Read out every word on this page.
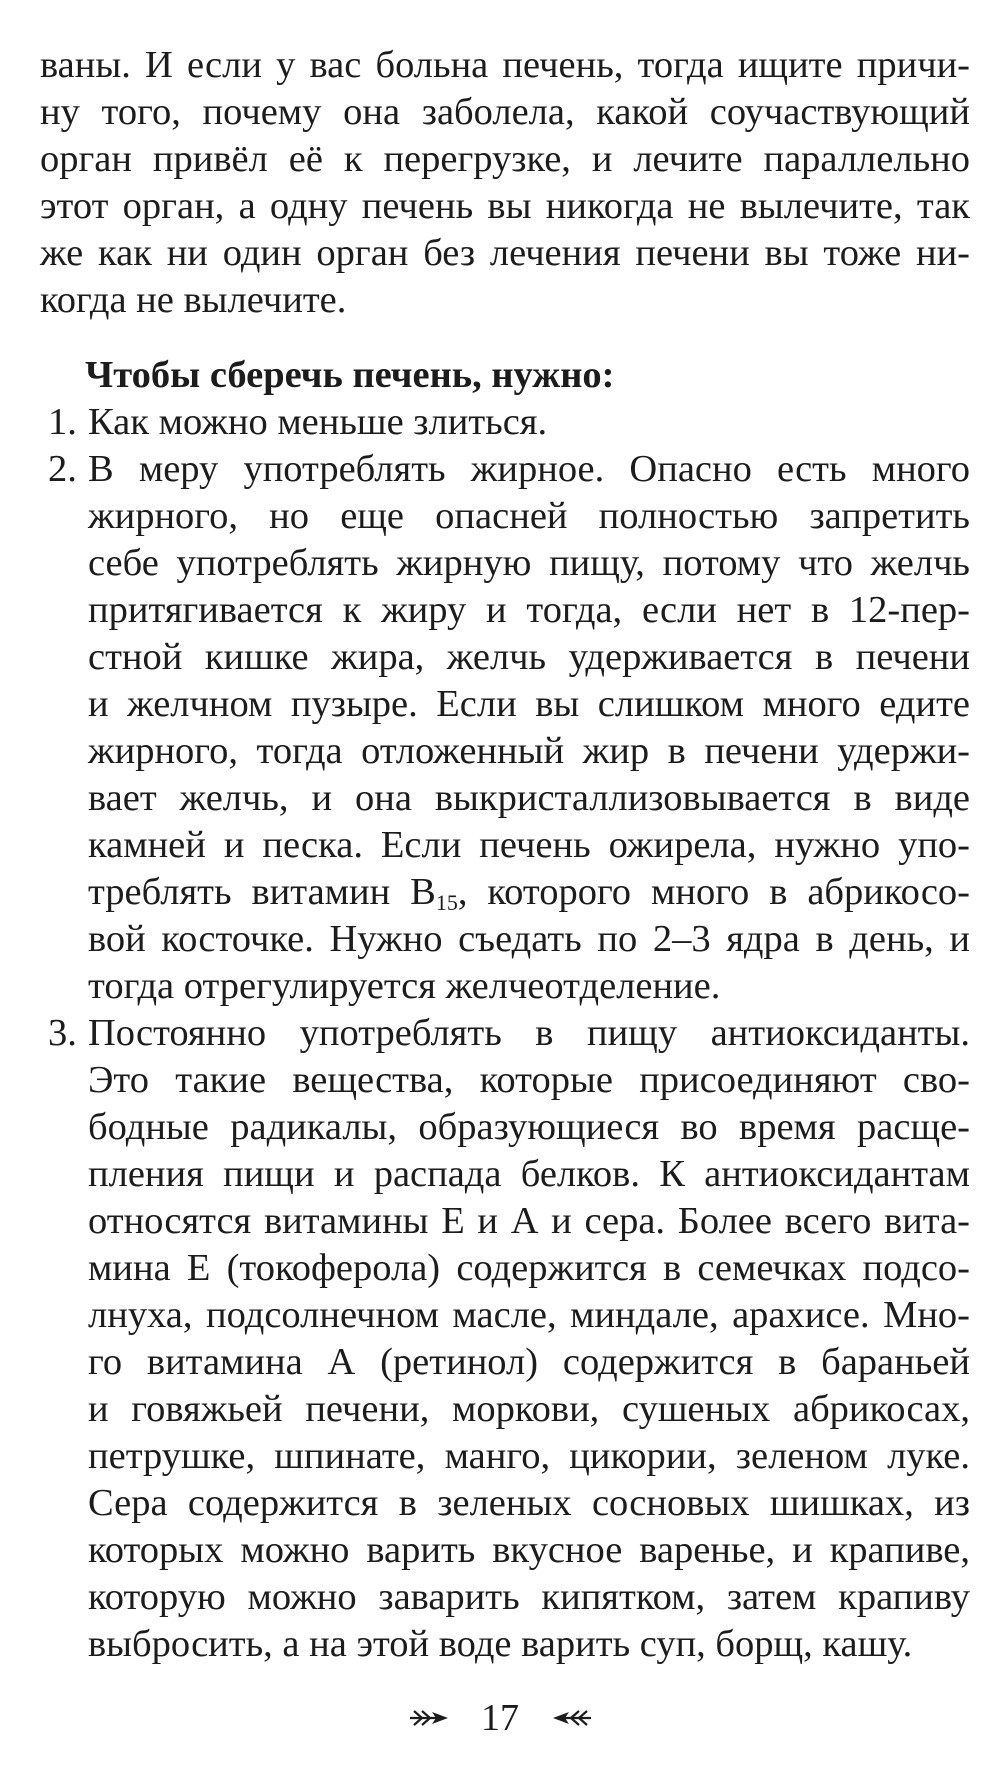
ваны. И если у вас больна печень, тогда ищите причи-
ну того, почему она заболела, какой соучаствующий
орган привёл её к перегрузке, и лечите параллельно
этот орган, а одну печень вы никогда не вылечите, так
же как ни один орган без лечения печени вы тоже ни-
когда не вылечите.
Чтобы сберечь печень, нужно:
1. Как можно меньше злиться.
2. В меру употреблять жирное. Опасно есть много
жирного, но еще опасней полностью запретить
себе употреблять жирную пищу, потому что желчь
притягивается к жиру и тогда, если нет в 12-пер-
стной кишке жира, желчь удерживается в печени
и желчном пузыре. Если вы слишком много едите
жирного, тогда отложенный жир в печени удержи-
вает желчь, и она выкристаллизовывается в виде
камней и песка. Если печень ожирела, нужно упо-
треблять витамин $B_{15}$, которого много в абрикосо-
вой косточке. Нужно съедать по 2–3 ядра в день, и
тогда отрегулируется желчеотделение.
3. Постоянно употреблять в пищу антиоксиданты.
Это такие вещества, которые присоединяют сво-
бодные радикалы, образующиеся во время расще-
пления пищи и распада белков. К антиоксидантам
относятся витамины Е и А и сера. Более всего вита-
мина Е (токоферола) содержится в семечках подсо-
лнуха, подсолнечном масле, миндале, арахисе. Мно-
го витамина А (ретинол) содержится в бараньей
и говяжьей печени, моркови, сушеных абрикосах,
петрушке, шпинате, манго, цикории, зеленом луке.
Сера содержится в зеленых сосновых шишках, из
которых можно варить вкусное варенье, и крапиве,
которую можно заварить кипятком, затем крапиву
выбросить, а на этой воде варить суп, борщ, кашу.
17
